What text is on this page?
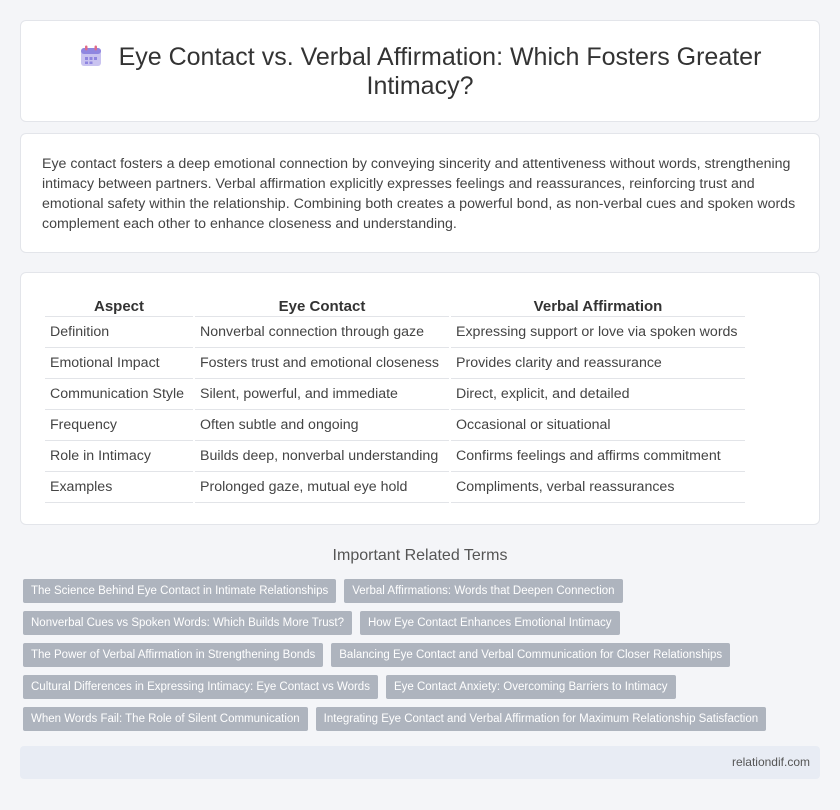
Eye Contact vs. Verbal Affirmation: Which Fosters Greater Intimacy?

Eye contact fosters a deep emotional connection by conveying sincerity and attentiveness without words, strengthening intimacy between partners. Verbal affirmation explicitly expresses feelings and reassurances, reinforcing trust and emotional safety within the relationship. Combining both creates a powerful bond, as non-verbal cues and spoken words complement each other to enhance closeness and understanding.

Aspect	Eye Contact	Verbal Affirmation
Definition	Nonverbal connection through gaze	Expressing support or love via spoken words
Emotional Impact	Fosters trust and emotional closeness	Provides clarity and reassurance
Communication Style	Silent, powerful, and immediate	Direct, explicit, and detailed
Frequency	Often subtle and ongoing	Occasional or situational
Role in Intimacy	Builds deep, nonverbal understanding	Confirms feelings and affirms commitment
Examples	Prolonged gaze, mutual eye hold	Compliments, verbal reassurances
Important Related Terms
The Science Behind Eye Contact in Intimate Relationships	Verbal Affirmations: Words that Deepen Connection
Nonverbal Cues vs Spoken Words: Which Builds More Trust?	How Eye Contact Enhances Emotional Intimacy
The Power of Verbal Affirmation in Strengthening Bonds	Balancing Eye Contact and Verbal Communication for Closer Relationships
Cultural Differences in Expressing Intimacy: Eye Contact vs Words	Eye Contact Anxiety: Overcoming Barriers to Intimacy
When Words Fail: The Role of Silent Communication	Integrating Eye Contact and Verbal Affirmation for Maximum Relationship Satisfaction
relationdif.com
